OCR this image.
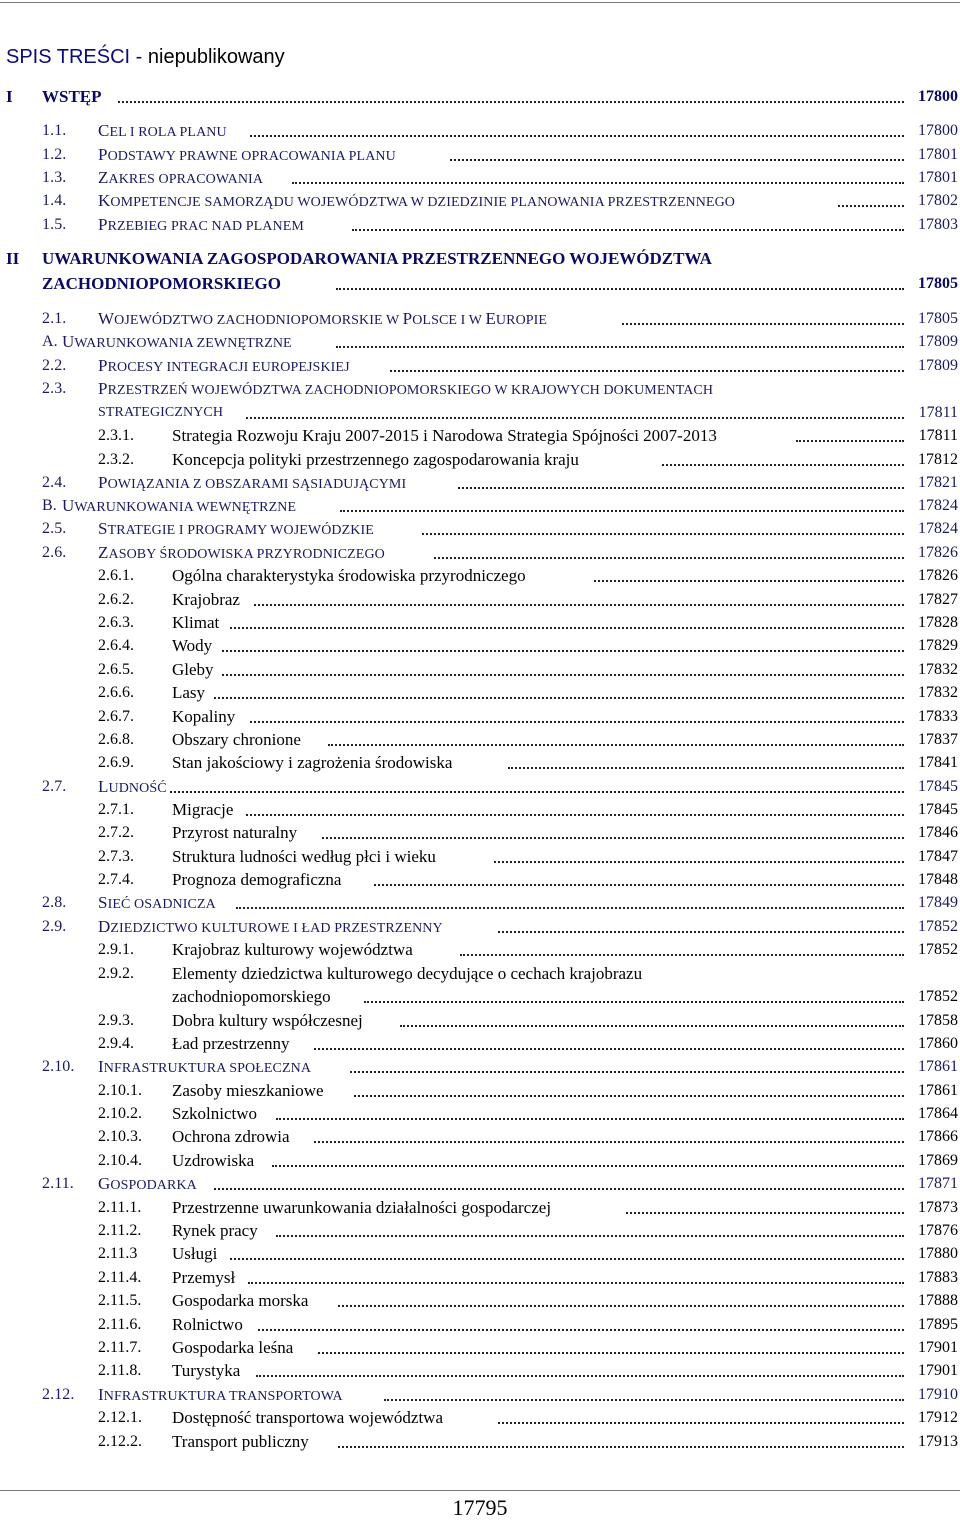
SPIS TREŚCI - niepublikowany
I WSTĘP	17800
1.1. CEL I ROLA PLANU	17800
1.2. PODSTAWY PRAWNE OPRACOWANIA PLANU	17801
1.3. ZAKRES OPRACOWANIA	17801
1.4. KOMPETENCJE SAMORZĄDU WOJEWÓDZTWA W DZIEDZINIE PLANOWANIA PRZESTRZENNEGO	17802
1.5. PRZEBIEG PRAC NAD PLANEM	17803
II UWARUNKOWANIA ZAGOSPODAROWANIA PRZESTRZENNEGO WOJEWÓDZTWA
ZACHODNIOPOMORSKIEGO	17805
2.1. WOJEWÓDZTWO ZACHODNIOPOMORSKIE W POLSCE I W EUROPIE	17805
A. UWARUNKOWANIA ZEWNĘTRZNE	17809
2.2. PROCESY INTEGRACJI EUROPEJSKIEJ	17809
2.3. PRZESTRZEŃ WOJEWÓDZTWA ZACHODNIOPOMORSKIEGO W KRAJOWYCH DOKUMENTACH
STRATEGICZNYCH	17811
2.3.1. Strategia Rozwoju Kraju 2007-2015 i Narodowa Strategia Spójności 2007-2013	17811
2.3.2. Koncepcja polityki przestrzennego zagospodarowania kraju	17812
2.4. POWIĄZANIA Z OBSZARAMI SĄSIADUJĄCYMI	17821
B. UWARUNKOWANIA WEWNĘTRZNE	17824
2.5. STRATEGIE I PROGRAMY WOJEWÓDZKIE	17824
2.6. ZASOBY ŚRODOWISKA PRZYRODNICZEGO	17826
2.6.1. Ogólna charakterystyka środowiska przyrodniczego	17826
2.6.2. Krajobraz	17827
2.6.3. Klimat	17828
2.6.4. Wody	17829
2.6.5. Gleby	17832
2.6.6. Lasy	17832
2.6.7. Kopaliny	17833
2.6.8. Obszary chronione	17837
2.6.9. Stan jakościowy i zagrożenia środowiska	17841
2.7. LUDNOŚĆ	17845
2.7.1. Migracje	17845
2.7.2. Przyrost naturalny	17846
2.7.3. Struktura ludności według płci i wieku	17847
2.7.4. Prognoza demograficzna	17848
2.8. SIEĆ OSADNICZA	17849
2.9. DZIEDZICTWO KULTUROWE I ŁAD PRZESTRZENNY	17852
2.9.1. Krajobraz kulturowy województwa	17852
2.9.2. Elementy dziedzictwa kulturowego decydujące o cechach krajobrazu
zachodniopomorskiego	17852
2.9.3. Dobra kultury współczesnej	17858
2.9.4. Ład przestrzenny	17860
2.10. INFRASTRUKTURA SPOŁECZNA	17861
2.10.1. Zasoby mieszkaniowe	17861
2.10.2. Szkolnictwo	17864
2.10.3. Ochrona zdrowia	17866
2.10.4. Uzdrowiska	17869
2.11. GOSPODARKA	17871
2.11.1. Przestrzenne uwarunkowania działalności gospodarczej	17873
2.11.2. Rynek pracy	17876
2.11.3 Usługi	17880
2.11.4. Przemysł	17883
2.11.5. Gospodarka morska	17888
2.11.6. Rolnictwo	17895
2.11.7. Gospodarka leśna	17901
2.11.8. Turystyka	17901
2.12. INFRASTRUKTURA TRANSPORTOWA	17910
2.12.1. Dostępność transportowa województwa	17912
2.12.2. Transport publiczny	17913
17795
